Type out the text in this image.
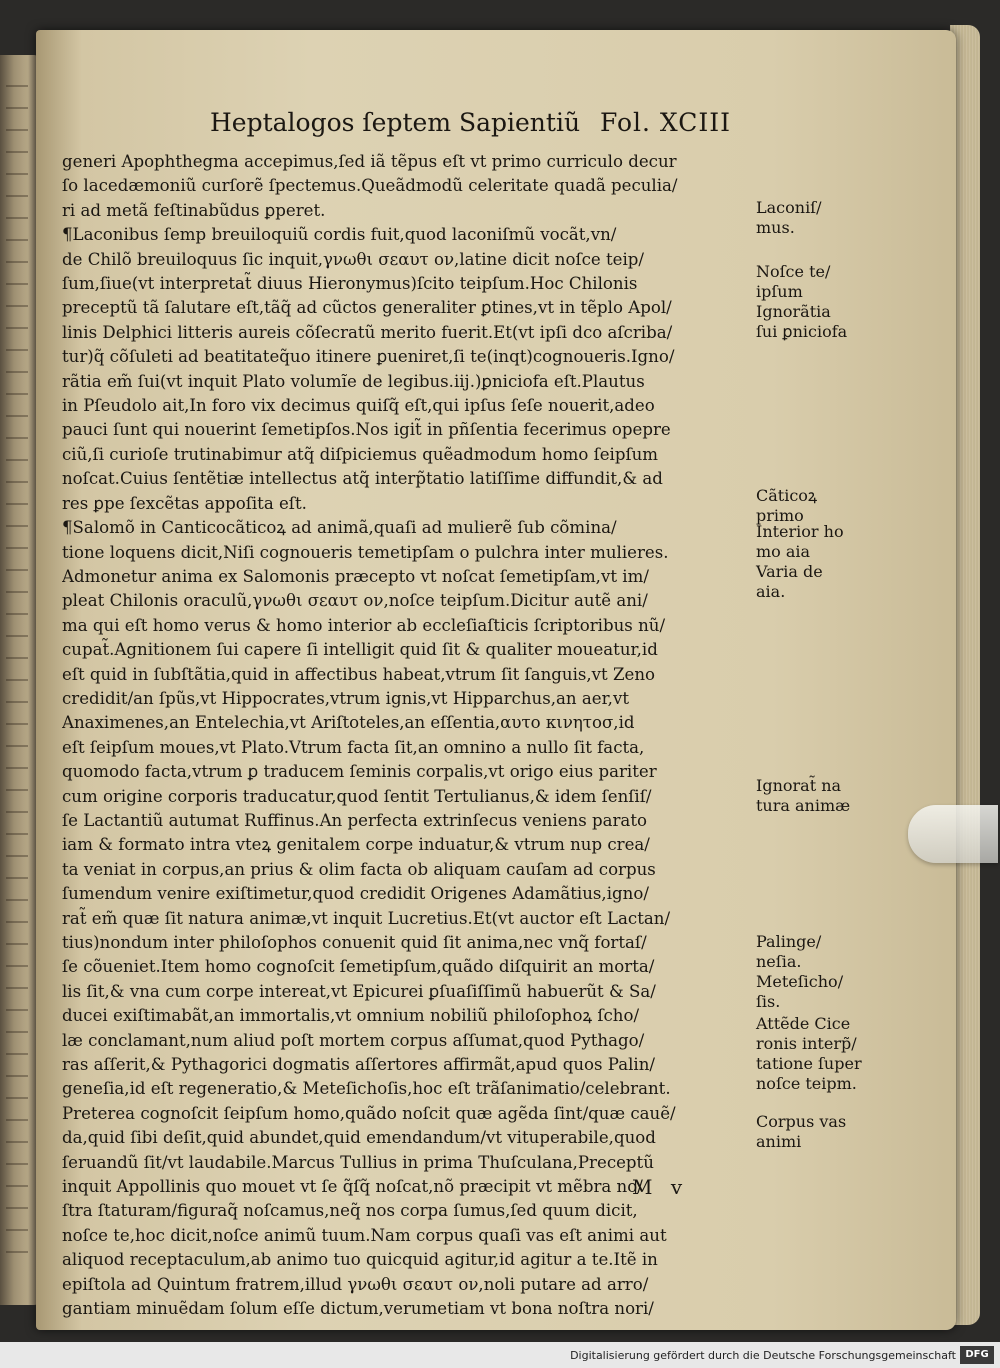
Heptalogos ſeptem Sapientiũ Fol. XCIII
generi Apophthegma accepimus,ſed iã tẽpus eſt vt primo curriculo decur
ſo lacedæmoniũ curſorẽ ſpectemus.Queãdmodũ celeritate quadã peculia/
ri ad metã feſtinabũdus ꝑperet.
¶Laconibus ſemp breuiloquiũ cordis fuit,quod laconiſmũ vocãt,vn/
de Chilõ breuiloquus ſic inquit,γνωθι σεαυτ ον,latine dicit noſce teip/
ſum,ſiue(vt interpretat̃ diuus Hieronymus)ſcito teipſum.Hoc Chilonis
preceptũ tã ſalutare eſt,tãq̃ ad cũctos generaliter ꝑtines,vt in tẽplo Apol/
linis Delphici litteris aureis cõſecratũ merito fuerit.Et(vt ipſi dco aſcriba/
tur)q̃ cõſuleti ad beatitateq̃uo itinere ꝑueniret,ſi te(inqt)cognoueris.Igno/
rãtia em̃ ſui(vt inquit Plato volumĩe de legibus.iij.)ꝑniciofa eſt.Plautus
in Pſeudolo ait,In foro vix decimus quiſq̃ eſt,qui ipſus ſeſe nouerit,adeo
pauci ſunt qui nouerint ſemetipſos.Nos igit̃ in pñſentia fecerimus opepre
ciũ,ſi curioſe trutinabimur atq̃ diſpiciemus quẽadmodum homo ſeipſum
noſcat.Cuius ſentẽtiæ intellectus atq̃ interp̃tatio latiſſime diffundit,& ad
res ꝑpe ſexcẽtas appoſita eſt.
¶Salomõ in Canticocãticoꝝ ad animã,quaſi ad mulierẽ ſub cõmina/
tione loquens dicit,Niſi cognoueris temetipſam o pulchra inter mulieres.
Admonetur anima ex Salomonis præcepto vt noſcat ſemetipſam,vt im/
pleat Chilonis oraculũ,γνωθι σεαυτ ον,noſce teipſum.Dicitur autẽ ani/
ma qui eſt homo verus & homo interior ab eccleſiaſticis ſcriptoribus nũ/
cupat̃.Agnitionem ſui capere ſi intelligit quid ſit & qualiter moueatur,id
eſt quid in ſubſtãtia,quid in affectibus habeat,vtrum ſit ſanguis,vt Zeno
credidit/an ſpũs,vt Hippocrates,vtrum ignis,vt Hipparchus,an aer,vt
Anaximenes,an Entelechia,vt Ariſtoteles,an eſſentia,αυτο κινητοσ,id
eſt ſeipſum moues,vt Plato.Vtrum facta ſit,an omnino a nullo ſit facta,
quomodo facta,vtrum ꝑ traducem ſeminis corpalis,vt origo eius pariter
cum origine corporis traducatur,quod ſentit Tertulianus,& idem ſenſiſ/
ſe Lactantiũ autumat Ruffinus.An perfecta extrinſecus veniens parato
iam & formato intra vteꝝ genitalem corpe induatur,& vtrum nup crea/
ta veniat in corpus,an prius & olim facta ob aliquam cauſam ad corpus
ſumendum venire exiſtimetur,quod credidit Origenes Adamãtius,igno/
rat̃ em̃ quæ ſit natura animæ,vt inquit Lucretius.Et(vt auctor eſt Lactan/
tius)nondum inter philoſophos conuenit quid ſit anima,nec vnq̃ fortaſ/
ſe cõueniet.Item homo cognoſcit ſemetipſum,quãdo diſquirit an morta/
lis ſit,& vna cum corpe intereat,vt Epicurei ꝑſuaſiſſimũ habuerũt & Sa/
ducei exiſtimabãt,an immortalis,vt omnium nobiliũ philoſophoꝝ ſcho/
læ conclamant,num aliud poſt mortem corpus aſſumat,quod Pythago/
ras aſſerit,& Pythagorici dogmatis aſſertores affirmãt,apud quos Palin/
geneſia,id eſt regeneratio,& Meteſichoſis,hoc eſt trãſanimatio/celebrant.
Preterea cognoſcit ſeipſum homo,quãdo noſcit quæ agẽda ſint/quæ cauẽ/
da,quid ſibi deſit,quid abundet,quid emendandum/vt vituperabile,quod
ſeruandũ ſit/vt laudabile.Marcus Tullius in prima Thuſculana,Preceptũ
inquit Appollinis quo mouet vt ſe q̃ſq̃ noſcat,nõ præcipit vt mẽbra no/
ſtra ſtaturam/figuraq̃ noſcamus,neq̃ nos corpa ſumus,ſed quum dicit,
noſce te,hoc dicit,noſce animũ tuum.Nam corpus quaſi vas eſt animi aut
aliquod receptaculum,ab animo tuo quicquid agitur,id agitur a te.Itẽ in
epiſtola ad Quintum fratrem,illud γνωθι σεαυτ ον,noli putare ad arro/
gantiam minuẽdam ſolum eſſe dictum,verumetiam vt bona noſtra nori/
Laconiſ/
mus.
Noſce te/
ipſum
Ignorãtia
ſui ꝑniciofa
Cãticoꝝ
primo
Interior ho
mo aia
Varia de
aia.
Ignorat̃ na
tura animæ
Palinge/
neſia.
Meteſicho/
ſis.
Attẽde Cice
ronis interp̃/
tatione ſuper
noſce teipm.
Corpus vas
animi
M v
Digitalisierung gefördert durch die Deutsche Forschungsgemeinschaft DFG
